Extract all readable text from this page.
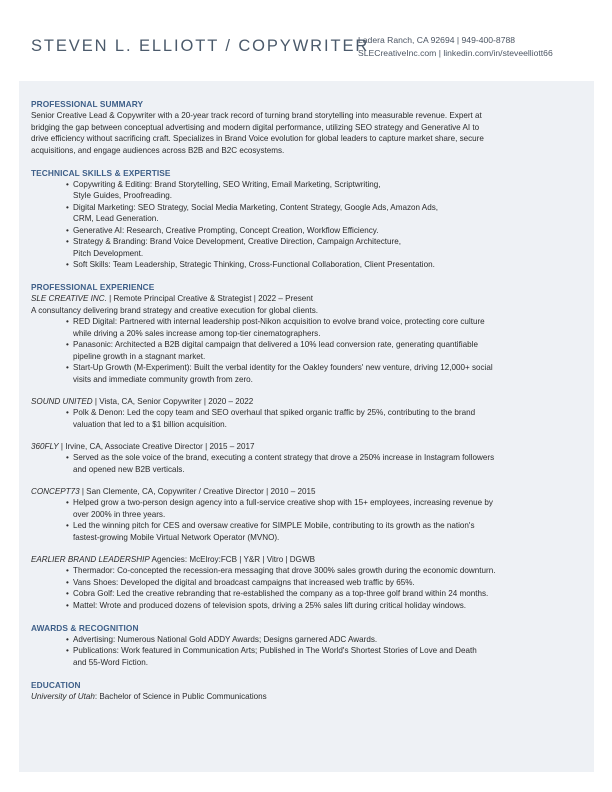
STEVEN L. ELLIOTT / COPYWRITER
Ladera Ranch, CA 92694 | 949-400-8788
SLECreativeInc.com | linkedin.com/in/steveelliott66
PROFESSIONAL SUMMARY

Senior Creative Lead & Copywriter with a 20-year track record of turning brand storytelling into measurable revenue. Expert at
bridging the gap between conceptual advertising and modern digital performance, utilizing SEO strategy and Generative AI to
drive efficiency without sacrificing craft. Specializes in Brand Voice evolution for global leaders to capture market share, secure
acquisitions, and engage audiences across B2B and B2C ecosystems.

TECHNICAL SKILLS & EXPERTISE
• Copywriting & Editing: Brand Storytelling, SEO Writing, Email Marketing, Scriptwriting,
Style Guides, Proofreading.
• Digital Marketing: SEO Strategy, Social Media Marketing, Content Strategy, Google Ads, Amazon Ads,
CRM, Lead Generation.
• Generative AI: Research, Creative Prompting, Concept Creation, Workflow Efficiency.
• Strategy & Branding: Brand Voice Development, Creative Direction, Campaign Architecture,
Pitch Development.
• Soft Skills: Team Leadership, Strategic Thinking, Cross-Functional Collaboration, Client Presentation.
PROFESSIONAL EXPERIENCE

SLE CREATIVE INC. | Remote Principal Creative & Strategist | 2022 – Present

A consultancy delivering brand strategy and creative execution for global clients.

• RED Digital: Partnered with internal leadership post-Nikon acquisition to evolve brand voice, protecting core culture
while driving a 20% sales increase among top-tier cinematographers.
• Panasonic: Architected a B2B digital campaign that delivered a 10% lead conversion rate, generating quantifiable
pipeline growth in a stagnant market.
• Start-Up Growth (M-Experiment): Built the verbal identity for the Oakley founders' new venture, driving 12,000+ social
visits and immediate community growth from zero.

SOUND UNITED | Vista, CA, Senior Copywriter | 2020 – 2022

• Polk & Denon: Led the copy team and SEO overhaul that spiked organic traffic by 25%, contributing to the brand
valuation that led to a $1 billion acquisition.

360FLY | Irvine, CA, Associate Creative Director | 2015 – 2017

• Served as the sole voice of the brand, executing a content strategy that drove a 250% increase in Instagram followers
and opened new B2B verticals.

CONCEPT73 | San Clemente, CA, Copywriter / Creative Director | 2010 – 2015

• Helped grow a two-person design agency into a full-service creative shop with 15+ employees, increasing revenue by
over 200% in three years.
• Led the winning pitch for CES and oversaw creative for SIMPLE Mobile, contributing to its growth as the nation's
fastest-growing Mobile Virtual Network Operator (MVNO).

EARLIER BRAND LEADERSHIP Agencies: McElroy:FCB | Y&R | Vitro | DGWB

• Thermador: Co-concepted the recession-era messaging that drove 300% sales growth during the economic downturn.
• Vans Shoes: Developed the digital and broadcast campaigns that increased web traffic by 65%.
• Cobra Golf: Led the creative rebranding that re-established the company as a top-three golf brand within 24 months.
• Mattel: Wrote and produced dozens of television spots, driving a 25% sales lift during critical holiday windows.
AWARDS & RECOGNITION
• Advertising: Numerous National Gold ADDY Awards; Designs garnered ADC Awards.
• Publications: Work featured in Communication Arts; Published in The World's Shortest Stories of Love and Death
and 55-Word Fiction.
EDUCATION

University of Utah: Bachelor of Science in Public Communications
